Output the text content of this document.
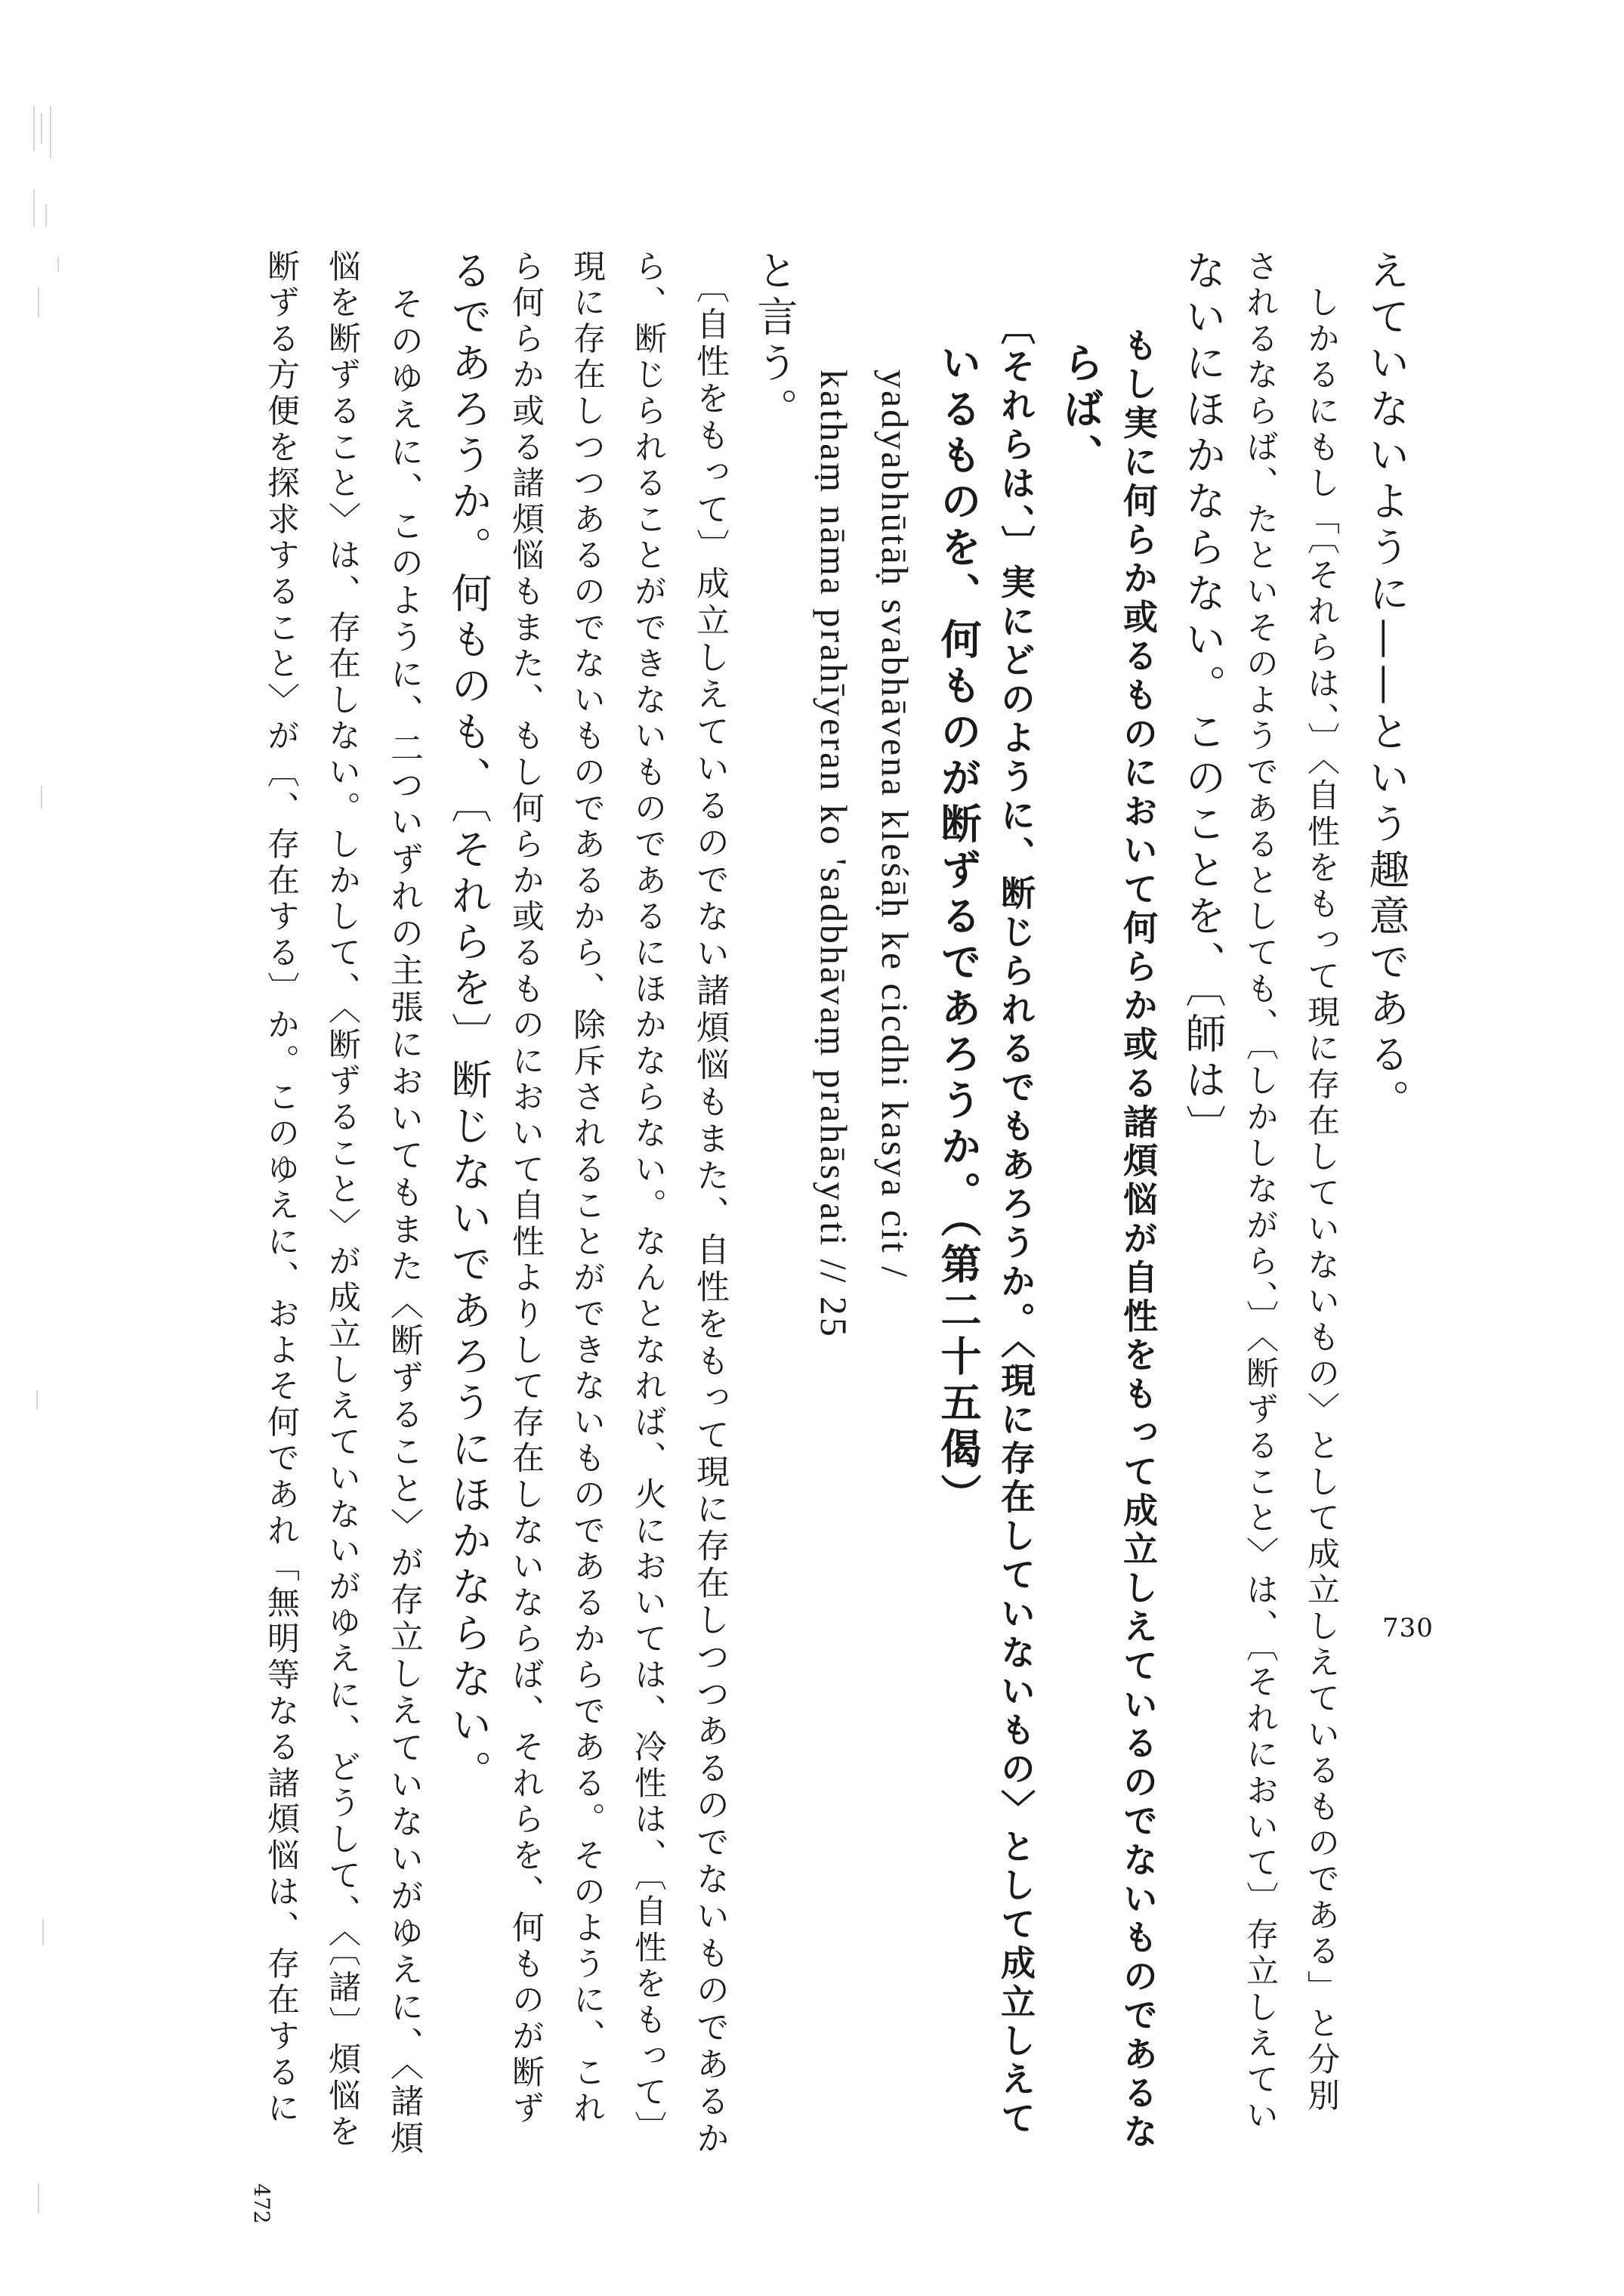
えていないように——という趣意である。
　しかるにもし「〔それらは、〕〈自性をもって現に存在していないもの〉として成立しえているものである」と分別
されるならば、たといそのようであるとしても、〔しかしながら、〕〈断ずること〉は、〔それにおいて〕存立しえてい
ないにほかならない。このことを、〔師は〕
　　もし実に何らか或るものにおいて何らか或る諸煩悩が自性をもって成立しえているのでないものであるな
　　らば、
　　〔それらは、〕実にどのように、断じられるでもあろうか。〈現に存在していないもの〉として成立しえて
　　いるものを、何ものが断ずるであろうか。（第二十五偈）
　　　yadyabhūtāḥ svabhāvena kleśāḥ ke cicdhi kasya cit /
　　　kathaṃ nāma prahīyeran ko 'sadbhāvaṃ prahāsyati // 25
と言う。
　〔自性をもって〕成立しえているのでない諸煩悩もまた、自性をもって現に存在しつつあるのでないものであるか
ら、断じられることができないものであるにほかならない。なんとなれば、火においては、冷性は、〔自性をもって〕
現に存在しつつあるのでないものであるから、除斥されることができないものであるからである。そのように、これ
ら何らか或る諸煩悩もまた、もし何らか或るものにおいて自性よりして存在しないならば、それらを、何ものが断ず
るであろうか。何ものも、〔それらを〕断じないであろうにほかならない。
　そのゆえに、このように、二ついずれの主張においてもまた〈断ずること〉が存立しえていないがゆえに、〈諸煩
悩を断ずること〉は、存在しない。しかして、〈断ずること〉が成立しえていないがゆえに、どうして、〈〔諸〕煩悩を
断ずる方便を探求すること〉が〔、存在する〕か。このゆえに、およそ何であれ「無明等なる諸煩悩は、存在するに	730
472
